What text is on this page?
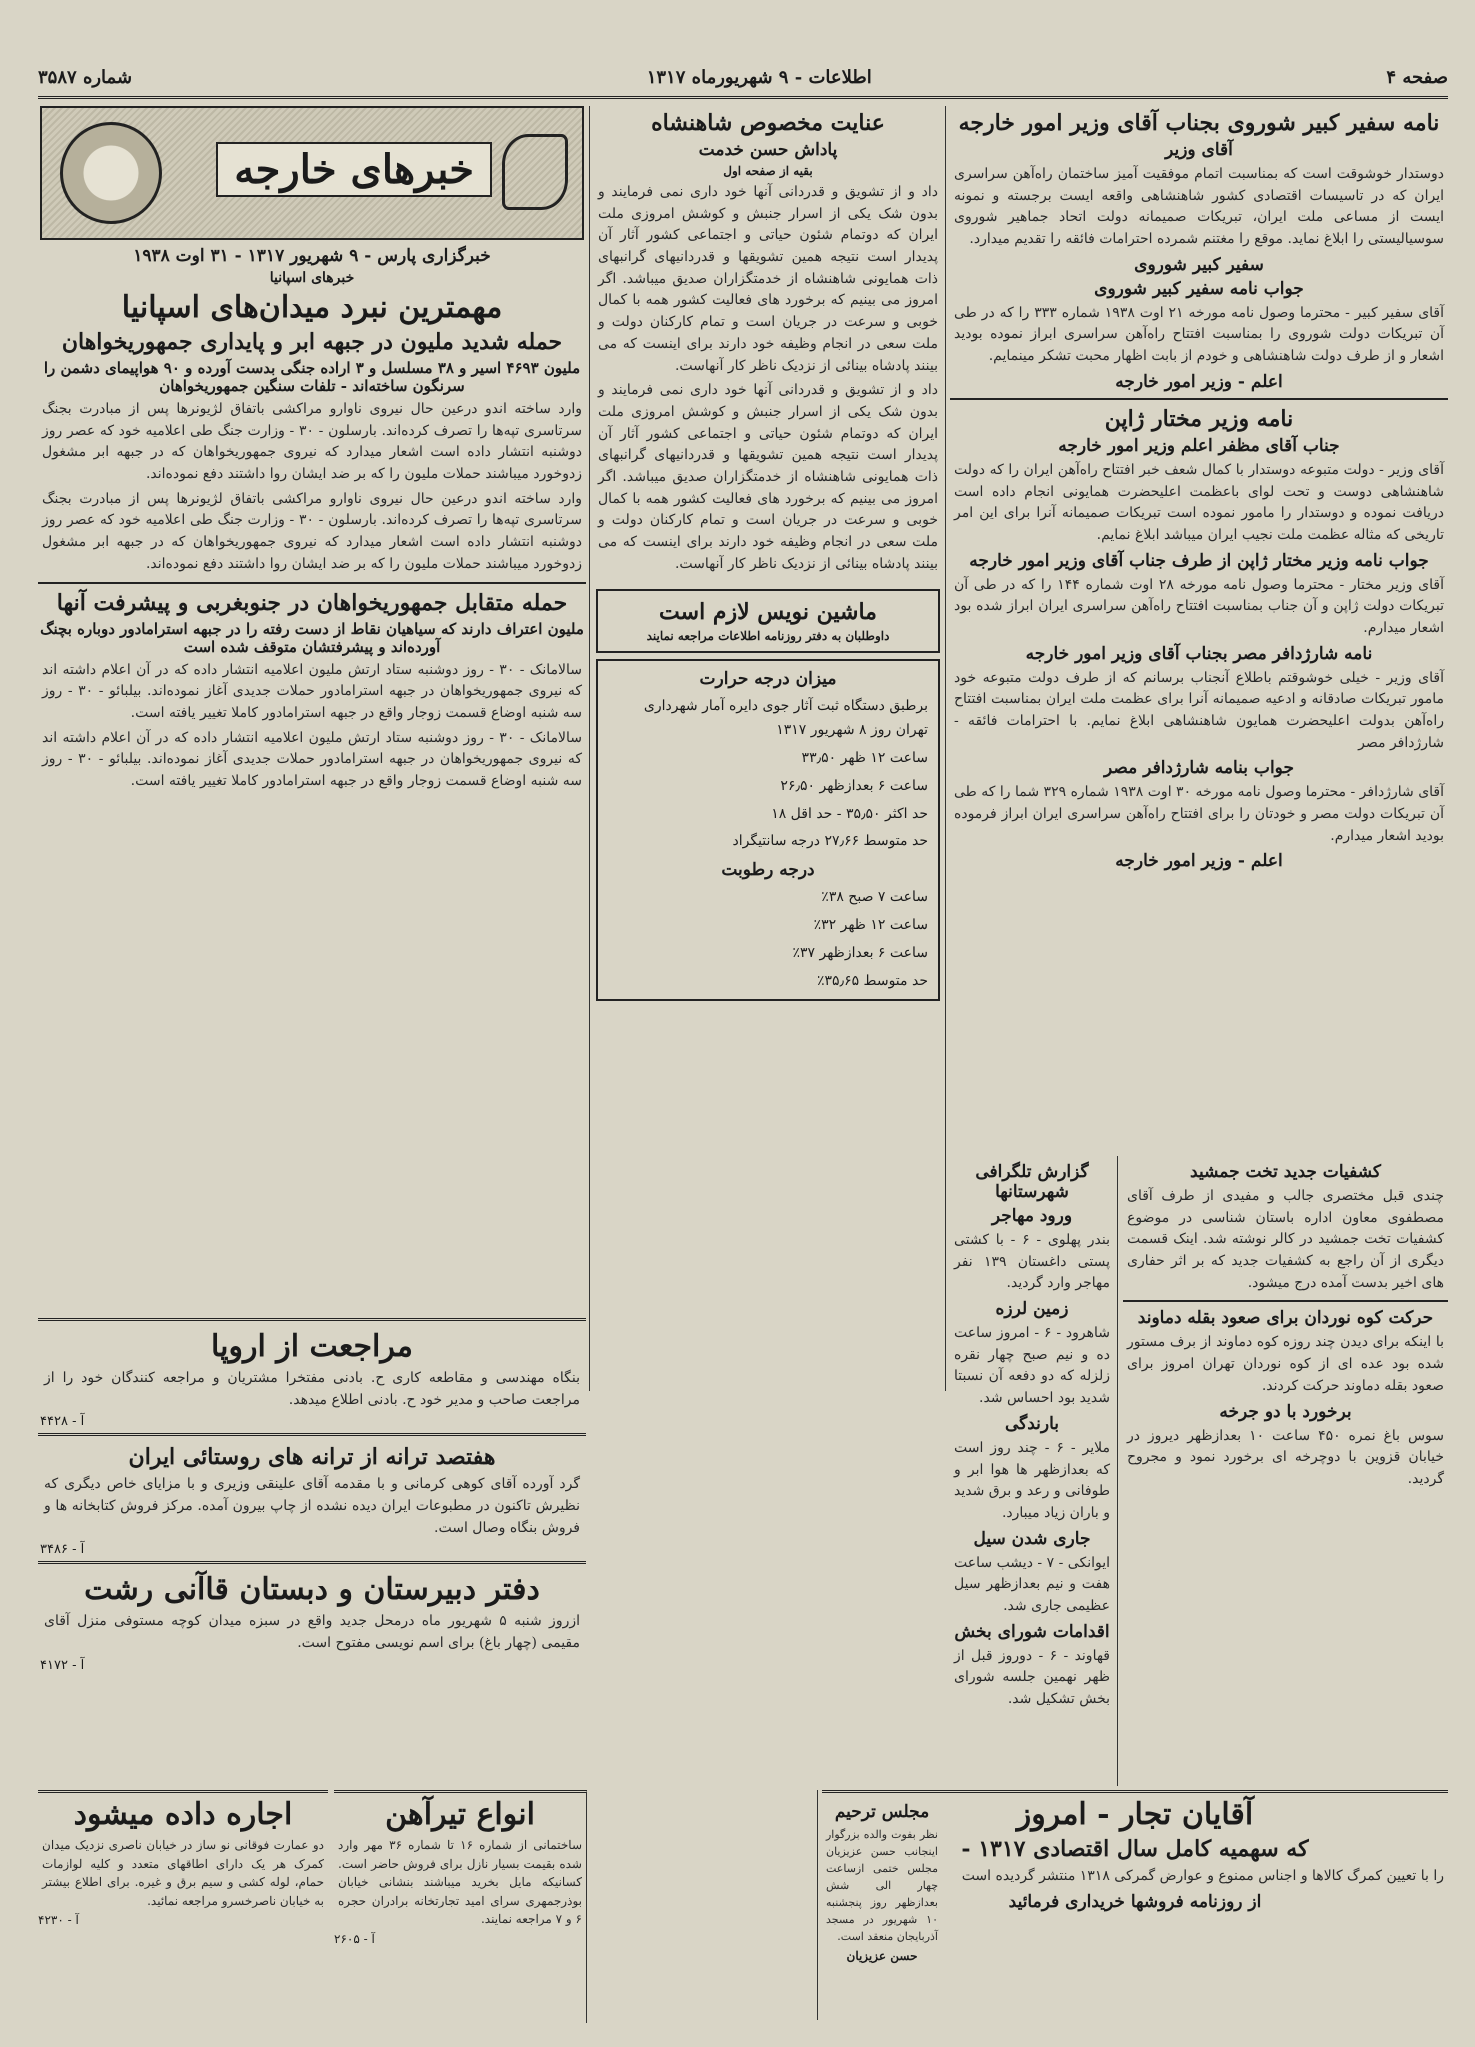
صفحه ۴
اطلاعات - ۹ شهریورماه ۱۳۱۷
شماره ۳۵۸۷
نامه سفیر کبیر شوروی بجناب آقای وزیر امور خارجه
آقای وزیر

دوستدار خوشوقت است که بمناسبت اتمام موفقیت آمیز ساختمان راه‌آهن سراسری ایران که در تاسیسات اقتصادی کشور شاهنشاهی واقعه ایست برجسته و نمونه ایست از مساعی ملت ایران، تبریکات صمیمانه دولت اتحاد جماهیر شوروی سوسیالیستی را ابلاغ نماید. موقع را مغتنم شمرده احترامات فائقه را تقدیم میدارد.

سفیر کبیر شوروی
جواب نامه سفیر کبیر شوروی

آقای سفیر کبیر - محترما وصول نامه مورخه ۲۱ اوت ۱۹۳۸ شماره ۳۳۳ را که در طی آن تبریکات دولت شوروی را بمناسبت افتتاح راه‌آهن سراسری ابراز نموده بودید اشعار و از طرف دولت شاهنشاهی و خودم از بابت اظهار محبت تشکر مینمایم.

اعلم - وزیر امور خارجه
نامه وزیر مختار ژاپن
جناب آقای مظفر اعلم وزیر امور خارجه

آقای وزیر - دولت متبوعه دوستدار با کمال شعف خبر افتتاح راه‌آهن ایران را که دولت شاهنشاهی دوست و تحت لوای باعظمت اعلیحضرت همایونی انجام داده است دریافت نموده و دوستدار را مامور نموده است تبریکات صمیمانه آنرا برای این امر تاریخی که مثاله عظمت ملت نجیب ایران میباشد ابلاغ نمایم.

جواب نامه وزیر مختار ژاپن از طرف جناب آقای وزیر امور خارجه

آقای وزیر مختار - محترما وصول نامه مورخه ۲۸ اوت شماره ۱۴۴ را که در طی آن تبریکات دولت ژاپن و آن جناب بمناسبت افتتاح راه‌آهن سراسری ایران ابراز شده بود اشعار میدارم.

نامه شارژدافر مصر بجناب آقای وزیر امور خارجه

آقای وزیر - خیلی خوشوقتم باطلاع آنجناب برسانم که از طرف دولت متبوعه خود مامور تبریکات صادقانه و ادعیه صمیمانه آنرا برای عظمت ملت ایران بمناسبت افتتاح راه‌آهن بدولت اعلیحضرت همایون شاهنشاهی ابلاغ نمایم. با احترامات فائقه - شارژدافر مصر

جواب بنامه شارژدافر مصر

آقای شارژدافر - محترما وصول نامه مورخه ۳۰ اوت ۱۹۳۸ شماره ۳۲۹ شما را که طی آن تبریکات دولت مصر و خودتان را برای افتتاح راه‌آهن سراسری ایران ابراز فرموده بودید اشعار میدارم.

اعلم - وزیر امور خارجه
کشفیات جدید تخت جمشید

چندی قبل مختصری جالب و مفیدی از طرف آقای مصطفوی معاون اداره باستان شناسی در موضوع کشفیات تخت جمشید در کالر نوشته شد. اینک قسمت دیگری از آن راجع به کشفیات جدید که بر اثر حفاری های اخیر بدست آمده درج میشود.

حرکت کوه نوردان برای صعود بقله دماوند

با اینکه برای دیدن چند روزه کوه دماوند از برف مستور شده بود عده ای از کوه نوردان تهران امروز برای صعود بقله دماوند حرکت کردند.

برخورد با دو جرخه

سوس باغ نمره ۴۵۰ ساعت ۱۰ بعدازظهر دیروز در خیابان قزوین با دوچرخه ای برخورد نمود و مجروح گردید.

گزارش تلگرافی شهرستانها
ورود مهاجر

بندر پهلوی - ۶ - با کشتی پستی داغستان ۱۳۹ نفر مهاجر وارد گردید.

زمین لرزه

شاهرود - ۶ - امروز ساعت ده و نیم صبح چهار نقره زلزله که دو دفعه آن نسبتا شدید بود احساس شد.

بارندگی

ملایر - ۶ - چند روز است که بعدازظهر ها هوا ابر و طوفانی و رعد و برق شدید و باران زیاد میبارد.

جاری شدن سیل

ایوانکی - ۷ - دیشب ساعت هفت و نیم بعدازظهر سیل عظیمی جاری شد.

اقدامات شورای بخش

قهاوند - ۶ - دوروز قبل از ظهر نهمین جلسه شورای بخش تشکیل شد.

عنایت مخصوص شاهنشاه
پاداش حسن خدمت
بقیه از صفحه اول

داد و از تشویق و قدردانی آنها خود داری نمی فرمایند و بدون شک یکی از اسرار جنبش و کوشش امروزی ملت ایران که دوتمام شئون حیاتی و اجتماعی کشور آثار آن پدیدار است نتیجه همین تشویقها و قدردانیهای گرانبهای ذات همایونی شاهنشاه از خدمتگزاران صدیق میباشد. اگر امروز می بینیم که برخورد های فعالیت کشور همه با کمال خوبی و سرعت در جریان است و تمام کارکنان دولت و ملت سعی در انجام وظیفه خود دارند برای اینست که می بینند پادشاه بینائی از نزدیک ناظر کار آنهاست.

داد و از تشویق و قدردانی آنها خود داری نمی فرمایند و بدون شک یکی از اسرار جنبش و کوشش امروزی ملت ایران که دوتمام شئون حیاتی و اجتماعی کشور آثار آن پدیدار است نتیجه همین تشویقها و قدردانیهای گرانبهای ذات همایونی شاهنشاه از خدمتگزاران صدیق میباشد. اگر امروز می بینیم که برخورد های فعالیت کشور همه با کمال خوبی و سرعت در جریان است و تمام کارکنان دولت و ملت سعی در انجام وظیفه خود دارند برای اینست که می بینند پادشاه بینائی از نزدیک ناظر کار آنهاست.

ماشین نویس لازم است
داوطلبان به دفتر روزنامه اطلاعات مراجعه نمایند
میزان درجه حرارت
برطبق دستگاه ثبت آثار جوی دایره آمار شهرداری تهران روز ۸ شهریور ۱۳۱۷
ساعت ۱۲ ظهر ۳۳٫۵۰
ساعت ۶ بعدازظهر ۲۶٫۵۰
حد اکثر ۳۵٫۵۰ - حد اقل ۱۸
حد متوسط ۲۷٫۶۶ درجه سانتیگراد
درجه رطوبت
ساعت ۷ صبح ۳۸٪
ساعت ۱۲ ظهر ۳۲٪
ساعت ۶ بعدازظهر ۳۷٪
حد متوسط ۳۵٫۶۵٪
مجلس ترحیم

نظر بفوت والده بزرگوار اینجانب حسن عزیزیان مجلس ختمی ازساعت چهار الی شش بعدازظهر روز پنجشنبه ۱۰ شهریور در مسجد آذربایجان منعقد است.

حسن عزیزیان
خبرهای خارجه
خبرگزاری پارس - ۹ شهریور ۱۳۱۷ - ۳۱ اوت ۱۹۳۸
خبرهای اسپانیا
مهمترین نبرد میدان‌های اسپانیا
حمله شدید ملیون در جبهه ابر و پایداری جمهوریخواهان
ملیون ۴۶۹۳ اسیر و ۳۸ مسلسل و ۳ اراده جنگی بدست آورده و ۹۰ هواپیمای دشمن را سرنگون ساخته‌اند - تلفات سنگین جمهوریخواهان

وارد ساخته اندو درعین حال نیروی ناوارو مراکشی باتفاق لژیونرها پس از مبادرت بجنگ سرتاسری تپه‌ها را تصرف کرده‌اند. بارسلون - ۳۰ - وزارت جنگ طی اعلامیه خود که عصر روز دوشنبه انتشار داده است اشعار میدارد که نیروی جمهوریخواهان که در جبهه ابر مشغول زدوخورد میباشند حملات ملیون را که بر ضد ایشان روا داشتند دفع نموده‌اند.

وارد ساخته اندو درعین حال نیروی ناوارو مراکشی باتفاق لژیونرها پس از مبادرت بجنگ سرتاسری تپه‌ها را تصرف کرده‌اند. بارسلون - ۳۰ - وزارت جنگ طی اعلامیه خود که عصر روز دوشنبه انتشار داده است اشعار میدارد که نیروی جمهوریخواهان که در جبهه ابر مشغول زدوخورد میباشند حملات ملیون را که بر ضد ایشان روا داشتند دفع نموده‌اند.

حمله متقابل جمهوریخواهان در جنوبغربی و پیشرفت آنها
ملیون اعتراف دارند که سیاهیان نقاط از دست رفته را در جبهه استرامادور دوباره بچنگ آورده‌اند و پیشرفتشان متوقف شده است

سالامانک - ۳۰ - روز دوشنبه ستاد ارتش ملیون اعلامیه انتشار داده که در آن اعلام داشته اند که نیروی جمهوریخواهان در جبهه استرامادور حملات جدیدی آغاز نموده‌اند. بیلبائو - ۳۰ - روز سه شنبه اوضاع قسمت زوجار واقع در جبهه استرامادور کاملا تغییر یافته است.

سالامانک - ۳۰ - روز دوشنبه ستاد ارتش ملیون اعلامیه انتشار داده که در آن اعلام داشته اند که نیروی جمهوریخواهان در جبهه استرامادور حملات جدیدی آغاز نموده‌اند. بیلبائو - ۳۰ - روز سه شنبه اوضاع قسمت زوجار واقع در جبهه استرامادور کاملا تغییر یافته است.

مراجعت از اروپا

بنگاه مهندسی و مقاطعه کاری ح. بادنی مفتخرا مشتریان و مراجعه کنندگان خود را از مراجعت صاحب و مدیر خود ح. بادنی اطلاع میدهد.

آ - ۴۴۲۸
هفتصد ترانه از ترانه های روستائی ایران

گرد آورده آقای کوهی کرمانی و با مقدمه آقای علینقی وزیری و با مزایای خاص دیگری که نظیرش تاکنون در مطبوعات ایران دیده نشده از چاپ بیرون آمده. مرکز فروش کتابخانه ها و فروش بنگاه وصال است.

آ - ۳۴۸۶
دفتر دبیرستان و دبستان قاآنی رشت

ازروز شنبه ۵ شهریور ماه درمحل جدید واقع در سبزه میدان کوچه مستوفی منزل آقای مقیمی (چهار باغ) برای اسم نویسی مفتوح است.

آ - ۴۱۷۲
اجاره داده میشود

دو عمارت فوقانی نو ساز در خیابان ناصری نزدیک میدان کمرک هر یک دارای اطاقهای متعدد و کلیه لوازمات حمام، لوله کشی و سیم برق و غیره. برای اطلاع بیشتر به خیابان ناصرخسرو مراجعه نمائید.

آ - ۴۲۳۰
انواع تیرآهن

ساختمانی از شماره ۱۶ تا شماره ۳۶ مهر وارد شده بقیمت بسیار نازل برای فروش حاضر است. کسانیکه مایل بخرید میباشند بنشانی خیابان بوذرجمهری سرای امید تجارتخانه برادران حجره ۶ و ۷ مراجعه نمایند.

آ - ۲۶۰۵
آقایان تجار - امروز
که سهمیه کامل سال اقتصادی ۱۳۱۷ -

را با تعیین کمرگ کالاها و اجناس ممنوع و عوارض گمرکی ۱۳۱۸ منتشر گردیده است

از روزنامه فروشها خریداری فرمائید
